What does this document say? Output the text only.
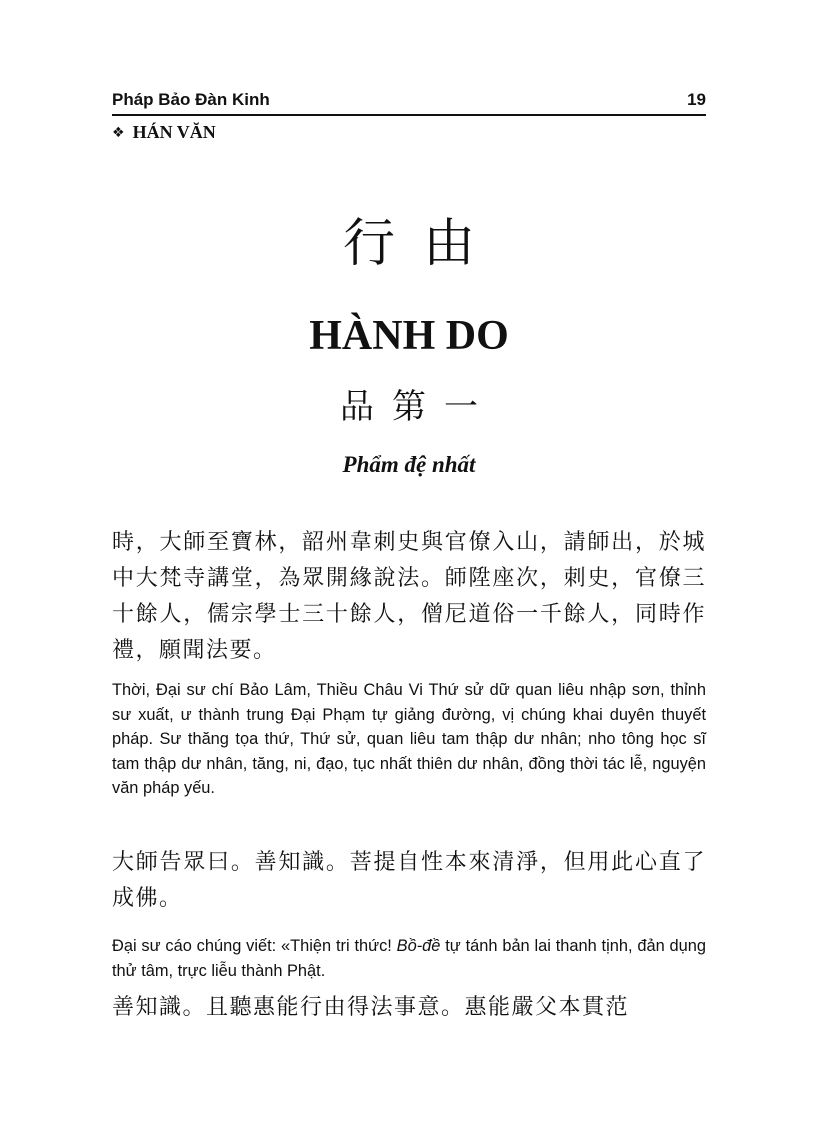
Pháp Bảo Đàn Kinh	19
❖ HÁN VĂN
行由
HÀNH DO
品第一
Phẩm đệ nhất
時，大師至寶林，韶州韋刺史與官僚入山，請師出，於城中大梵寺講堂，為眾開緣說法。師陞座次，刺史，官僚三十餘人，儒宗學士三十餘人，僧尼道俗一千餘人，同時作禮，願聞法要。
Thời, Đại sư chí Bảo Lâm, Thiều Châu Vi Thứ sử dữ quan liêu nhập sơn, thỉnh sư xuất, ư thành trung Đại Phạm tự giảng đường, vị chúng khai duyên thuyết pháp. Sư thăng tọa thứ, Thứ sử, quan liêu tam thập dư nhân; nho tông học sĩ tam thập dư nhân, tăng, ni, đạo, tục nhất thiên dư nhân, đồng thời tác lễ, nguyện văn pháp yếu.
大師告眾曰。善知識。菩提自性本來清淨，但用此心直了成佛。
Đại sư cáo chúng viết: «Thiện tri thức! Bồ-đề tự tánh bản lai thanh tịnh, đản dụng thử tâm, trực liễu thành Phật.
善知識。且聽惠能行由得法事意。惠能嚴父本貫范
